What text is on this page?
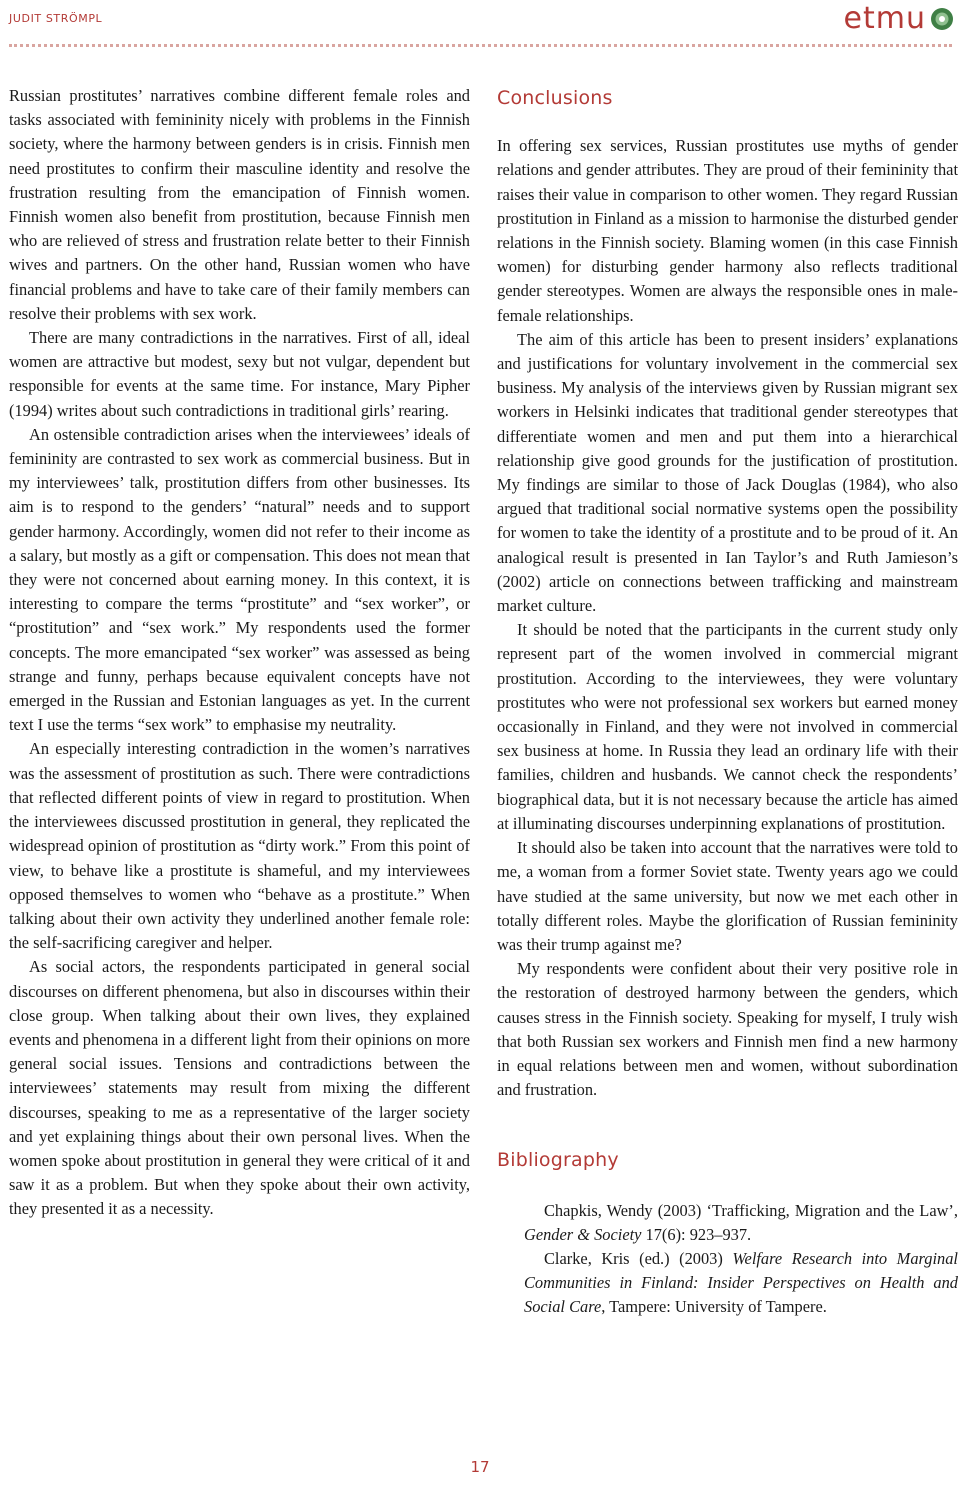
JUDIT STRÖMPL	etmu

Russian prostitutes’ narratives combine different female roles and tasks associated with femininity nicely with problems in the Finnish society, where the harmony between genders is in crisis. Finnish men need prostitutes to confirm their masculine identity and resolve the frustration resulting from the emancipation of Finnish women. Finnish women also benefit from prostitution, because Finnish men who are relieved of stress and frustration relate better to their Finnish wives and partners. On the other hand, Russian women who have financial problems and have to take care of their family members can resolve their problems with sex work.

There are many contradictions in the narratives. First of all, ideal women are attractive but modest, sexy but not vulgar, dependent but responsible for events at the same time. For instance, Mary Pipher (1994) writes about such contradictions in traditional girls’ rearing.

An ostensible contradiction arises when the interviewees’ ideals of femininity are contrasted to sex work as commercial business. But in my interviewees’ talk, prostitution differs from other businesses. Its aim is to respond to the genders’ “natural” needs and to support gender harmony. Accordingly, women did not refer to their income as a salary, but mostly as a gift or compensation. This does not mean that they were not concerned about earning money. In this context, it is interesting to compare the terms “prostitute” and “sex worker”, or “prostitution” and “sex work.” My respondents used the former concepts. The more emancipated “sex worker” was assessed as being strange and funny, perhaps because equivalent concepts have not emerged in the Russian and Estonian languages as yet. In the current text I use the terms “sex work” to emphasise my neutrality.

An especially interesting contradiction in the women’s narratives was the assessment of prostitution as such. There were contradictions that reflected different points of view in regard to prostitution. When the interviewees discussed prostitution in general, they replicated the widespread opinion of prostitution as “dirty work.” From this point of view, to behave like a prostitute is shameful, and my interviewees opposed themselves to women who “behave as a prostitute.” When talking about their own activity they underlined another female role: the self-sacrificing caregiver and helper.

As social actors, the respondents participated in general social discourses on different phenomena, but also in discourses within their close group. When talking about their own lives, they explained events and phenomena in a different light from their opinions on more general social issues. Tensions and contradictions between the interviewees’ statements may result from mixing the different discourses, speaking to me as a representative of the larger society and yet explaining things about their own personal lives. When the women spoke about prostitution in general they were critical of it and saw it as a problem. But when they spoke about their own activity, they presented it as a necessity.

Conclusions

In offering sex services, Russian prostitutes use myths of gender relations and gender attributes. They are proud of their femininity that raises their value in comparison to other women. They regard Russian prostitution in Finland as a mission to harmonise the disturbed gender relations in the Finnish society. Blaming women (in this case Finnish women) for disturbing gender harmony also reflects traditional gender stereotypes. Women are always the responsible ones in male-female relationships.

The aim of this article has been to present insiders’ explanations and justifications for voluntary involvement in the commercial sex business. My analysis of the interviews given by Russian migrant sex workers in Helsinki indicates that traditional gender stereotypes that differentiate women and men and put them into a hierarchical relationship give good grounds for the justification of prostitution. My findings are similar to those of Jack Douglas (1984), who also argued that traditional social normative systems open the possibility for women to take the identity of a prostitute and to be proud of it. An analogical result is presented in Ian Taylor’s and Ruth Jamieson’s (2002) article on connections between trafficking and mainstream market culture.

It should be noted that the participants in the current study only represent part of the women involved in commercial migrant prostitution. According to the interviewees, they were voluntary prostitutes who were not professional sex workers but earned money occasionally in Finland, and they were not involved in commercial sex business at home. In Russia they lead an ordinary life with their families, children and husbands. We cannot check the respondents’ biographical data, but it is not necessary because the article has aimed at illuminating discourses underpinning explanations of prostitution.

It should also be taken into account that the narratives were told to me, a woman from a former Soviet state. Twenty years ago we could have studied at the same university, but now we met each other in totally different roles. Maybe the glorification of Russian femininity was their trump against me?

My respondents were confident about their very positive role in the restoration of destroyed harmony between the genders, which causes stress in the Finnish society. Speaking for myself, I truly wish that both Russian sex workers and Finnish men find a new harmony in equal relations between men and women, without subordination and frustration.

Bibliography

Chapkis, Wendy (2003) ‘Trafficking, Migration and the Law’, Gender & Society 17(6): 923–937.

Clarke, Kris (ed.) (2003) Welfare Research into Marginal Communities in Finland: Insider Perspectives on Health and Social Care, Tampere: University of Tampere.

17
